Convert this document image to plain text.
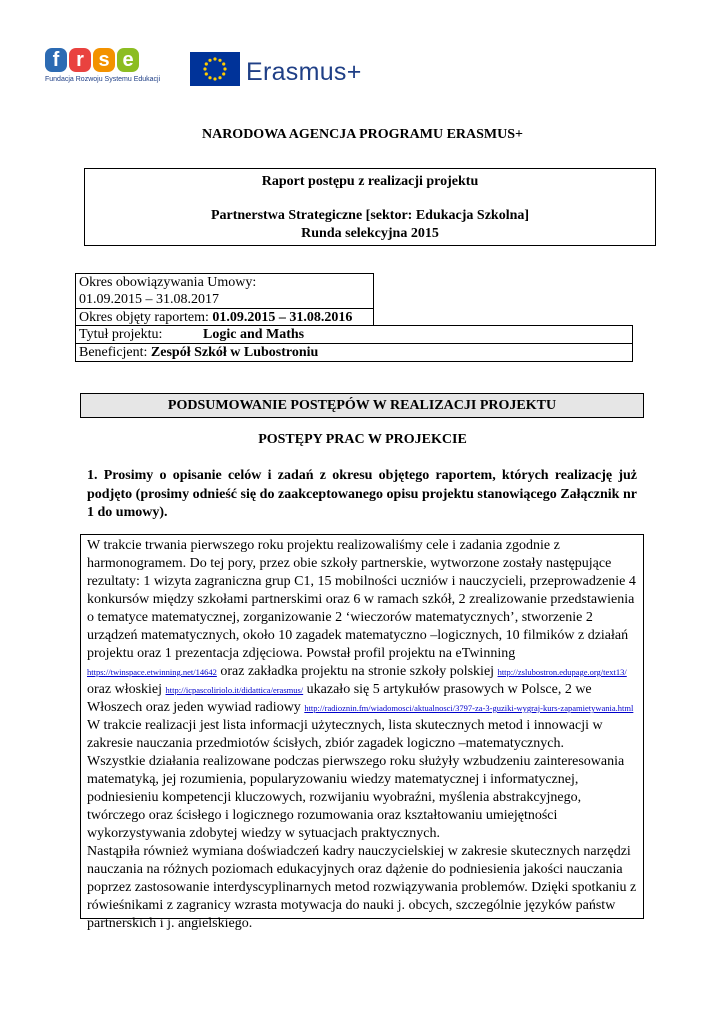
f r s e
Fundacja Rozwoju Systemu Edukacji	Erasmus+
NARODOWA AGENCJA PROGRAMU ERASMUS+
Raport postępu z realizacji projektu
Partnerstwa Strategiczne [sektor: Edukacja Szkolna]
Runda selekcyjna 2015
Okres obowiązywania Umowy:
01.09.2015 – 31.08.2017
Okres objęty raportem: 01.09.2015 – 31.08.2016
Tytuł projektu:	Logic and Maths
Beneficjent: Zespół Szkół w Lubostroniu
PODSUMOWANIE POSTĘPÓW W REALIZACJI PROJEKTU
POSTĘPY PRAC W PROJEKCIE
1. Prosimy o opisanie celów i zadań z okresu objętego raportem, których realizację już podjęto (prosimy odnieść się do zaakceptowanego opisu projektu stanowiącego Załącznik nr 1 do umowy).

W trakcie trwania pierwszego roku projektu realizowaliśmy cele i zadania zgodnie z harmonogramem. Do tej pory, przez obie szkoły partnerskie, wytworzone zostały następujące rezultaty: 1 wizyta zagraniczna grup C1, 15 mobilności uczniów i nauczycieli, przeprowadzenie 4 konkursów między szkołami partnerskimi oraz 6 w ramach szkół, 2 zrealizowanie przedstawienia o tematyce matematycznej, zorganizowanie 2 ‘wieczorów matematycznych’, stworzenie 2 urządzeń matematycznych, około 10 zagadek matematyczno –logicznych, 10 filmików z działań projektu oraz 1 prezentacja zdjęciowa. Powstał profil projektu na eTwinning https://twinspace.etwinning.net/14642 oraz zakładka projektu na stronie szkoły polskiej http://zslubostron.edupage.org/text13/ oraz włoskiej http://icpascoliriolo.it/didattica/erasmus/ ukazało się 5 artykułów prasowych w Polsce, 2 we Włoszech oraz jeden wywiad radiowy http://radioznin.fm/wiadomosci/aktualnosci/3797-za-3-guziki-wygraj-kurs-zapamietywania.html

W trakcie realizacji jest lista informacji użytecznych, lista skutecznych metod i innowacji w zakresie nauczania przedmiotów ścisłych, zbiór zagadek logiczno –matematycznych.

Wszystkie działania realizowane podczas pierwszego roku służyły wzbudzeniu zainteresowania matematyką, jej rozumienia, popularyzowaniu wiedzy matematycznej i informatycznej, podniesieniu kompetencji kluczowych, rozwijaniu wyobraźni, myślenia abstrakcyjnego, twórczego oraz ścisłego i logicznego rozumowania oraz kształtowaniu umiejętności wykorzystywania zdobytej wiedzy w sytuacjach praktycznych.

Nastąpiła również wymiana doświadczeń kadry nauczycielskiej w zakresie skutecznych narzędzi nauczania na różnych poziomach edukacyjnych oraz dążenie do podniesienia jakości nauczania poprzez zastosowanie interdyscyplinarnych metod rozwiązywania problemów. Dzięki spotkaniu z rówieśnikami z zagranicy wzrasta motywacja do nauki j. obcych, szczególnie języków państw partnerskich i j. angielskiego.
